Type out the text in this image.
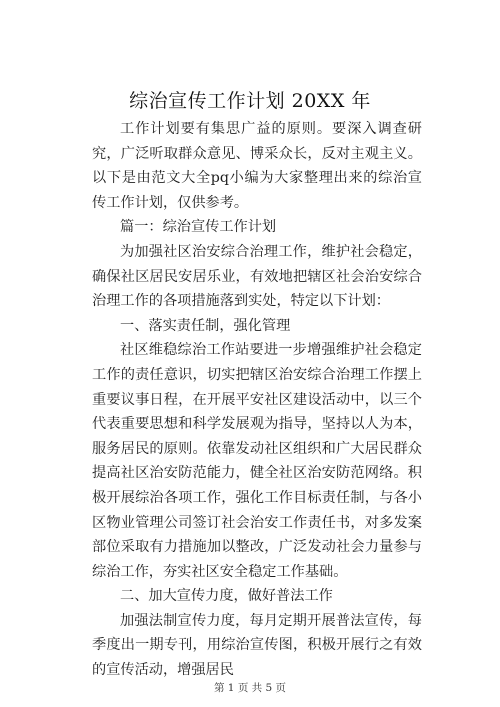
综治宣传工作计划 20XX 年

工作计划要有集思广益的原则。要深入调查研究，广泛听取群众意见、博采众长，反对主观主义。以下是由范文大全pq小编为大家整理出来的综治宣传工作计划，仅供参考。

篇一：综治宣传工作计划

为加强社区治安综合治理工作，维护社会稳定，确保社区居民安居乐业，有效地把辖区社会治安综合治理工作的各项措施落到实处，特定以下计划：

一、落实责任制，强化管理

社区维稳综治工作站要进一步增强维护社会稳定工作的责任意识，切实把辖区治安综合治理工作摆上重要议事日程，在开展平安社区建设活动中，以三个代表重要思想和科学发展观为指导，坚持以人为本，服务居民的原则。依靠发动社区组织和广大居民群众提高社区治安防范能力，健全社区治安防范网络。积极开展综治各项工作，强化工作目标责任制，与各小区物业管理公司签订社会治安工作责任书，对多发案部位采取有力措施加以整改，广泛发动社会力量参与综治工作，夯实社区安全稳定工作基础。

二、加大宣传力度，做好普法工作

加强法制宣传力度，每月定期开展普法宣传，每季度出一期专刊，用综治宣传图，积极开展行之有效的宣传活动，增强居民

第 1 页 共 5 页
